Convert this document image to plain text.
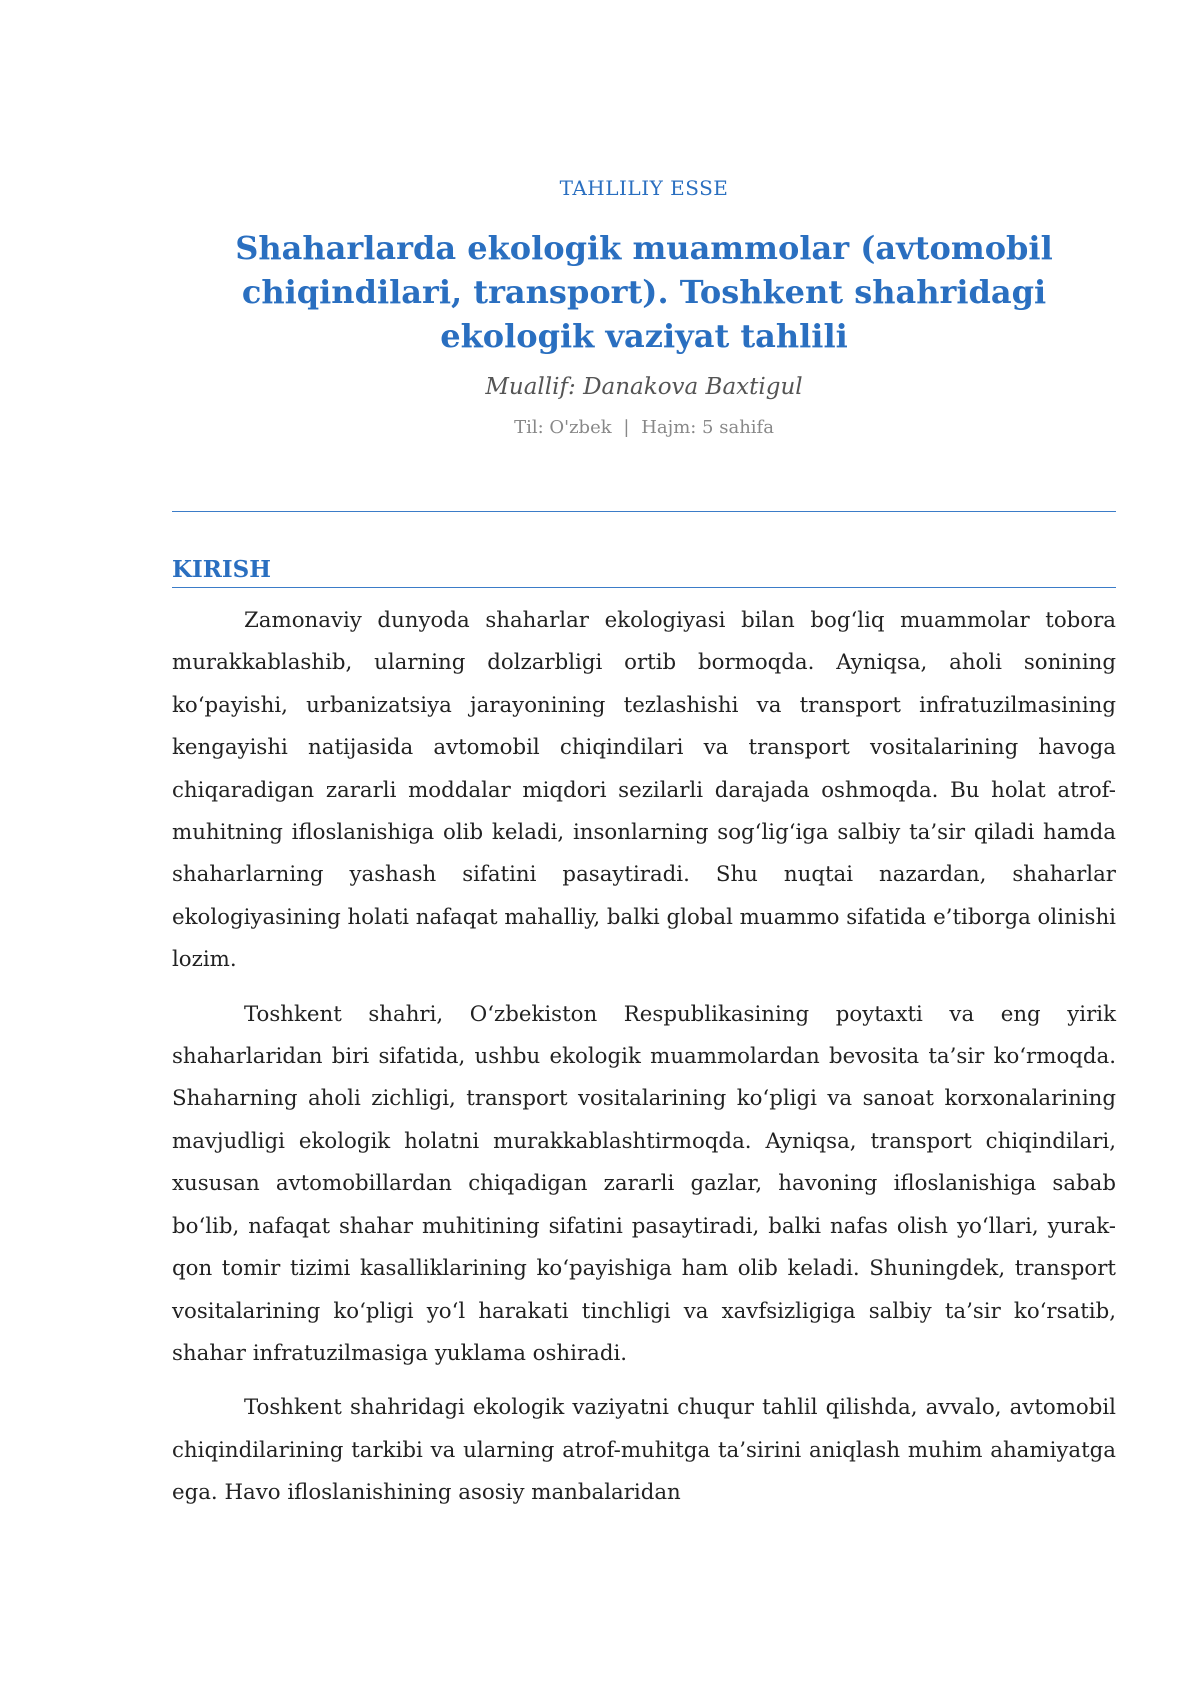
TAHLILIY ESSE
Shaharlarda ekologik muammolar (avtomobil chiqindilari, transport). Toshkent shahridagi ekologik vaziyat tahlili
Muallif: Danakova Baxtigul
Til: O'zbek | Hajm: 5 sahifa
KIRISH

Zamonaviy dunyoda shaharlar ekologiyasi bilan bog‘liq muammolar tobora murakkablashib, ularning dolzarbligi ortib bormoqda. Ayniqsa, aholi sonining ko‘payishi, urbanizatsiya jarayonining tezlashishi va transport infratuzilmasining kengayishi natijasida avtomobil chiqindilari va transport vositalarining havoga chiqaradigan zararli moddalar miqdori sezilarli darajada oshmoqda. Bu holat atrof-muhitning ifloslanishiga olib keladi, insonlarning sog‘lig‘iga salbiy ta’sir qiladi hamda shaharlarning yashash sifatini pasaytiradi. Shu nuqtai nazardan, shaharlar ekologiyasining holati nafaqat mahalliy, balki global muammo sifatida e’tiborga olinishi lozim.

Toshkent shahri, O‘zbekiston Respublikasining poytaxti va eng yirik shaharlaridan biri sifatida, ushbu ekologik muammolardan bevosita ta’sir ko‘rmoqda. Shaharning aholi zichligi, transport vositalarining ko‘pligi va sanoat korxonalarining mavjudligi ekologik holatni murakkablashtirmoqda. Ayniqsa, transport chiqindilari, xususan avtomobillardan chiqadigan zararli gazlar, havoning ifloslanishiga sabab bo‘lib, nafaqat shahar muhitining sifatini pasaytiradi, balki nafas olish yo‘llari, yurak-qon tomir tizimi kasalliklarining ko‘payishiga ham olib keladi. Shuningdek, transport vositalarining ko‘pligi yo‘l harakati tinchligi va xavfsizligiga salbiy ta’sir ko‘rsatib, shahar infratuzilmasiga yuklama oshiradi.

Toshkent shahridagi ekologik vaziyatni chuqur tahlil qilishda, avvalo, avtomobil chiqindilarining tarkibi va ularning atrof-muhitga ta’sirini aniqlash muhim ahamiyatga ega. Havo ifloslanishining asosiy manbalaridan
